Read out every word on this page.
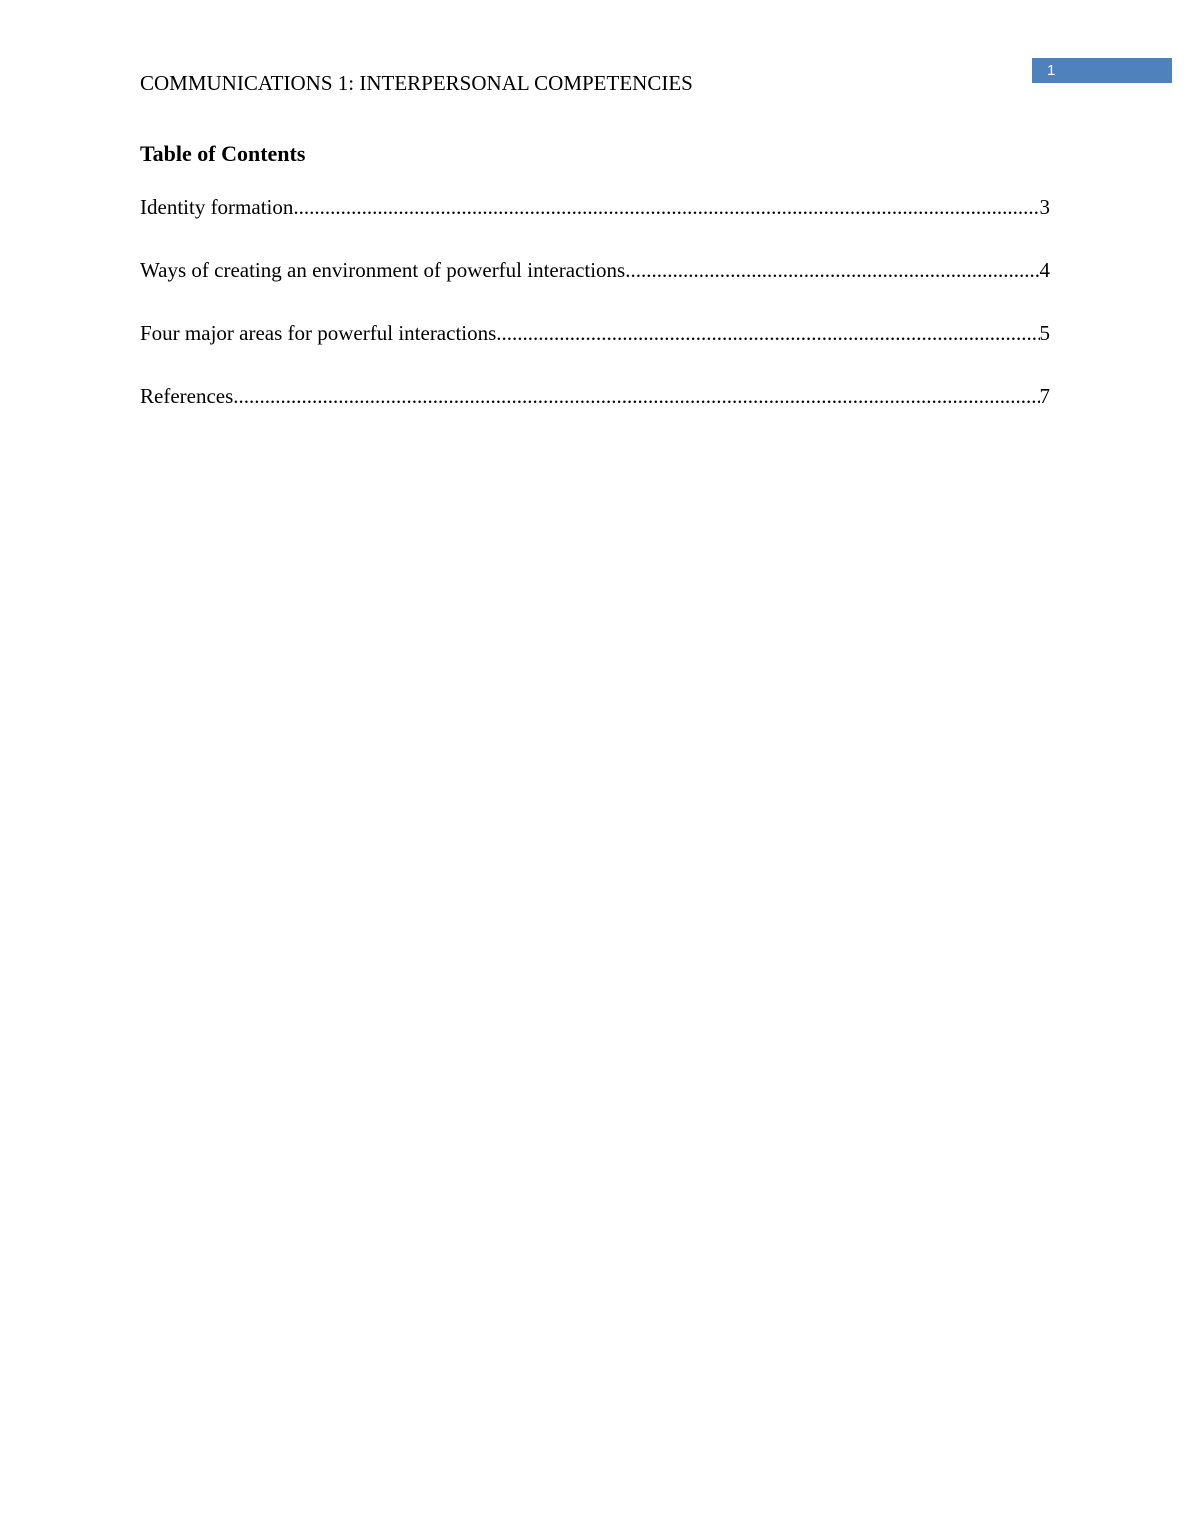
1
COMMUNICATIONS 1: INTERPERSONAL COMPETENCIES
Table of Contents
Identity formation .....	3
Ways of creating an environment of powerful interactions .....	4
Four major areas for powerful interactions .....	5
References .....	7
